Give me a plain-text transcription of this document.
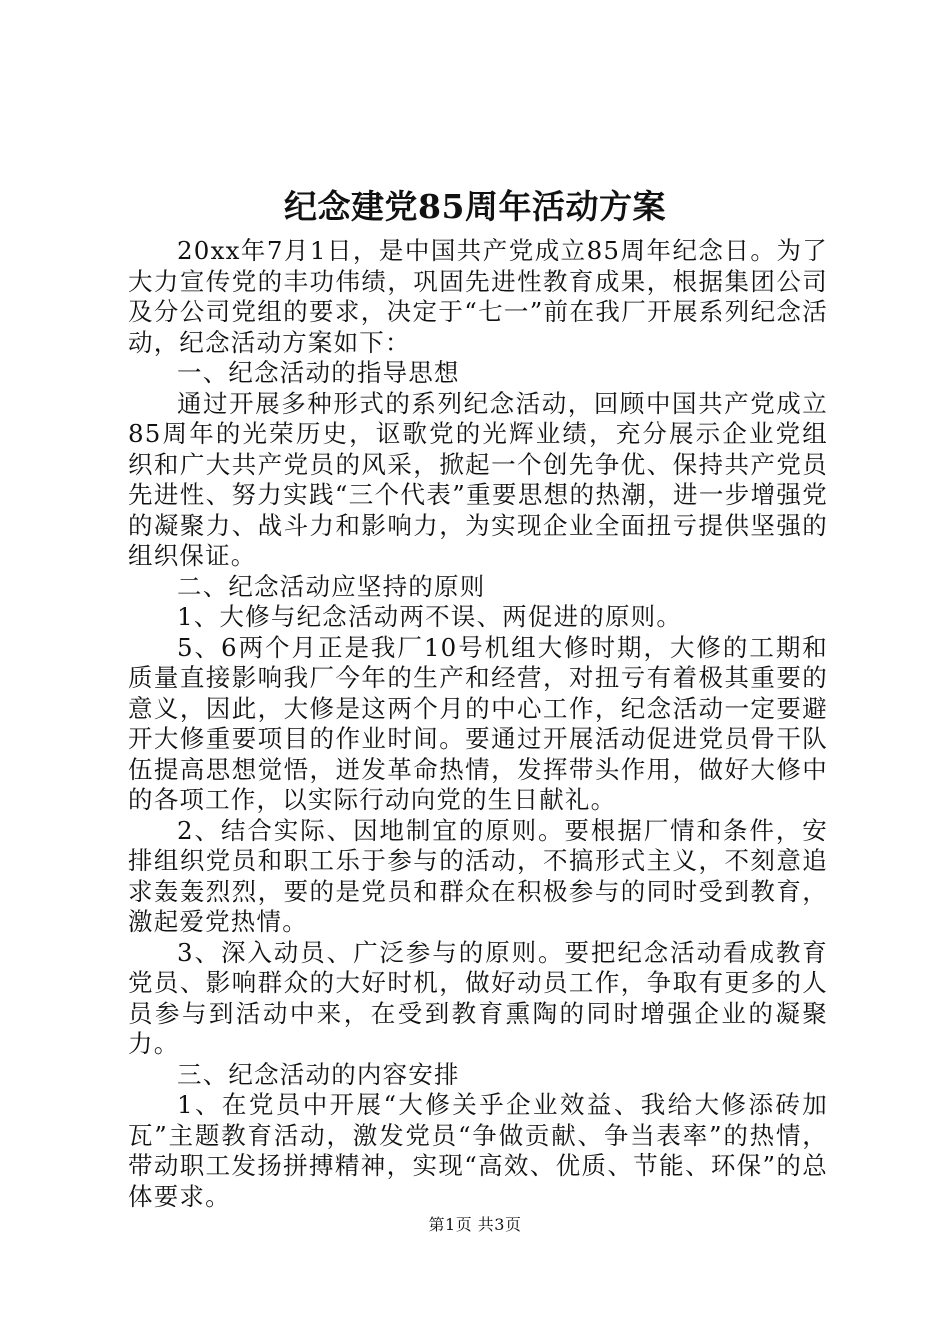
纪念建党85周年活动方案

20xx年7月1日，是中国共产党成立85周年纪念日。为了大力宣传党的丰功伟绩，巩固先进性教育成果，根据集团公司及分公司党组的要求，决定于“七一”前在我厂开展系列纪念活动，纪念活动方案如下：

一、纪念活动的指导思想

通过开展多种形式的系列纪念活动，回顾中国共产党成立85周年的光荣历史，讴歌党的光辉业绩，充分展示企业党组织和广大共产党员的风采，掀起一个创先争优、保持共产党员先进性、努力实践“三个代表”重要思想的热潮，进一步增强党的凝聚力、战斗力和影响力，为实现企业全面扭亏提供坚强的组织保证。

二、纪念活动应坚持的原则

1、大修与纪念活动两不误、两促进的原则。

5、6两个月正是我厂10号机组大修时期，大修的工期和质量直接影响我厂今年的生产和经营，对扭亏有着极其重要的意义，因此，大修是这两个月的中心工作，纪念活动一定要避开大修重要项目的作业时间。要通过开展活动促进党员骨干队伍提高思想觉悟，迸发革命热情，发挥带头作用，做好大修中的各项工作，以实际行动向党的生日献礼。

2、结合实际、因地制宜的原则。要根据厂情和条件，安排组织党员和职工乐于参与的活动，不搞形式主义，不刻意追求轰轰烈烈，要的是党员和群众在积极参与的同时受到教育，激起爱党热情。

3、深入动员、广泛参与的原则。要把纪念活动看成教育党员、影响群众的大好时机，做好动员工作，争取有更多的人员参与到活动中来，在受到教育熏陶的同时增强企业的凝聚力。

三、纪念活动的内容安排

1、在党员中开展“大修关乎企业效益、我给大修添砖加瓦”主题教育活动，激发党员“争做贡献、争当表率”的热情，带动职工发扬拼搏精神，实现“高效、优质、节能、环保”的总体要求。

第1页 共3页
